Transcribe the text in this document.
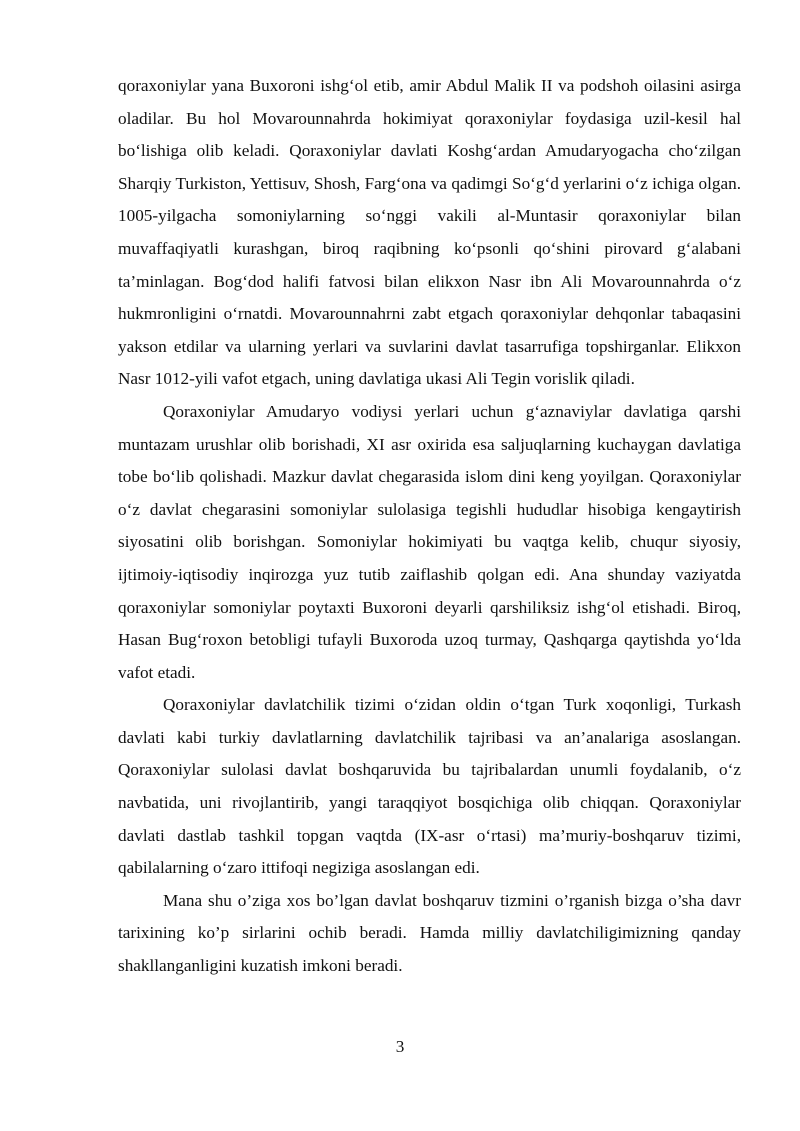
qoraxoniylar yana Buxoroni ishg‘ol etib, amir Abdul Malik II va podshoh oilasini asirga oladilar. Bu hol Movarounnahrda hokimiyat qoraxoniylar foydasiga uzil-kesil hal bo‘lishiga olib keladi. Qoraxoniylar davlati Koshg‘ardan Amudaryogacha cho‘zilgan Sharqiy Turkiston, Yettisuv, Shosh, Farg‘ona va qadimgi So‘g‘d yerlarini o‘z ichiga olgan. 1005-yilgacha somoniylarning so‘nggi vakili al-Muntasir qoraxoniylar bilan muvaffaqiyatli kurashgan, biroq raqibning ko‘psonli qo‘shini pirovard g‘alabani ta’minlagan. Bog‘dod halifi fatvosi bilan elikxon Nasr ibn Ali Movarounnahrda o‘z hukmronligini o‘rnatdi. Movarounnahrni zabt etgach qoraxoniylar dehqonlar tabaqasini yakson etdilar va ularning yerlari va suvlarini davlat tasarrufiga topshirganlar. Elikxon Nasr 1012-yili vafot etgach, uning davlatiga ukasi Ali Tegin vorislik qiladi.

Qoraxoniylar Amudaryo vodiysi yerlari uchun g‘aznaviylar davlatiga qarshi muntazam urushlar olib borishadi, XI asr oxirida esa saljuqlarning kuchaygan davlatiga tobe bo‘lib qolishadi. Mazkur davlat chegarasida islom dini keng yoyilgan. Qoraxoniylar o‘z davlat chegarasini somoniylar sulolasiga tegishli hududlar hisobiga kengaytirish siyosatini olib borishgan. Somoniylar hokimiyati bu vaqtga kelib, chuqur siyosiy, ijtimoiy-iqtisodiy inqirozga yuz tutib zaiflashib qolgan edi. Ana shunday vaziyatda qoraxoniylar somoniylar poytaxti Buxoroni deyarli qarshiliksiz ishg‘ol etishadi. Biroq, Hasan Bug‘roxon betobligi tufayli Buxoroda uzoq turmay, Qashqarga qaytishda yo‘lda vafot etadi.

Qoraxoniylar davlatchilik tizimi o‘zidan oldin o‘tgan Turk xoqonligi, Turkash davlati kabi turkiy davlatlarning davlatchilik tajribasi va an’analariga asoslangan. Qoraxoniylar sulolasi davlat boshqaruvida bu tajribalardan unumli foydalanib, o‘z navbatida, uni rivojlantirib, yangi taraqqiyot bosqichiga olib chiqqan. Qoraxoniylar davlati dastlab tashkil topgan vaqtda (IX-asr o‘rtasi) ma’muriy-boshqaruv tizimi, qabilalarning o‘zaro ittifoqi negiziga asoslangan edi.

Mana shu o’ziga xos bo’lgan davlat boshqaruv tizmini o’rganish bizga o’sha davr tarixining ko’p sirlarini ochib beradi. Hamda milliy davlatchiligimizning qanday shakllanganligini kuzatish imkoni beradi.

3
